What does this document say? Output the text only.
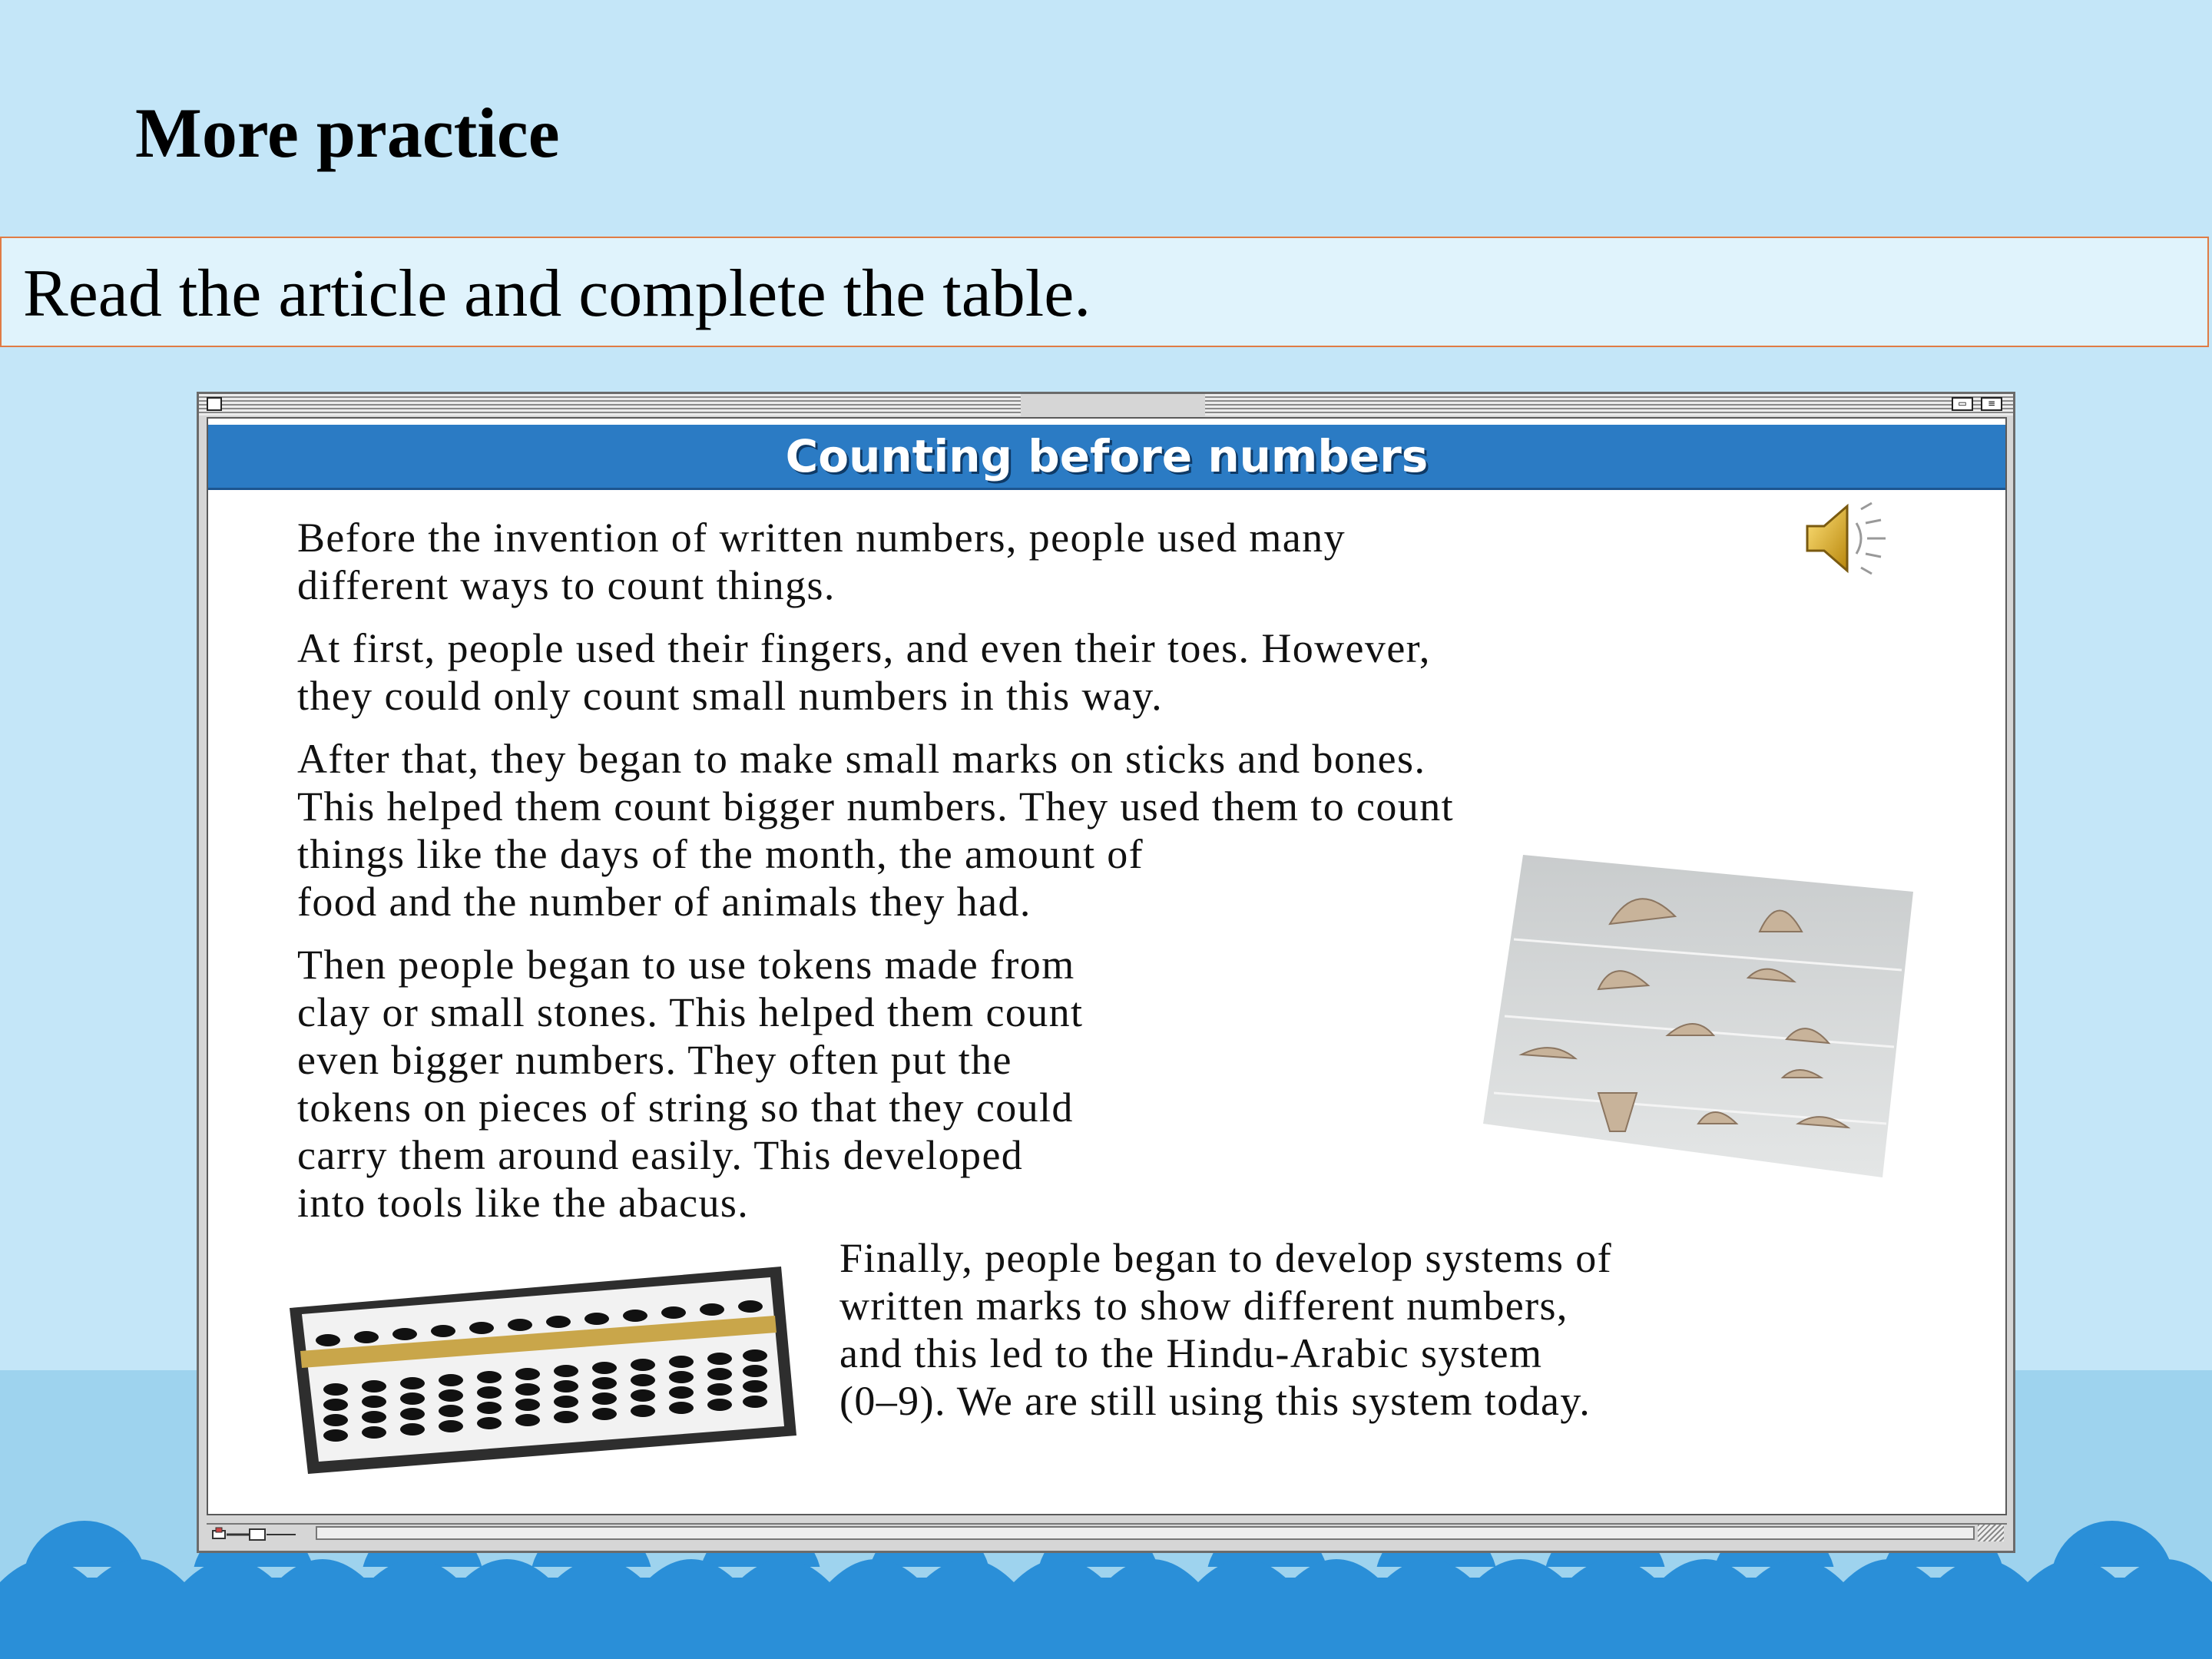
More practice
Read the article and complete the table.
▭	≡
Counting before numbers
Before the invention of written numbers, people used many
different ways to count things.
At first, people used their fingers, and even their toes. However,
they could only count small numbers in this way.
After that, they began to make small marks on sticks and bones.
This helped them count bigger numbers. They used them to count
things like the days of the month, the amount of
food and the number of animals they had.
Then people began to use tokens made from
clay or small stones. This helped them count
even bigger numbers. They often put the
tokens on pieces of string so that they could
carry them around easily. This developed
into tools like the abacus.
Finally, people began to develop systems of
written marks to show different numbers,
and this led to the Hindu-Arabic system
(0–9). We are still using this system today.
